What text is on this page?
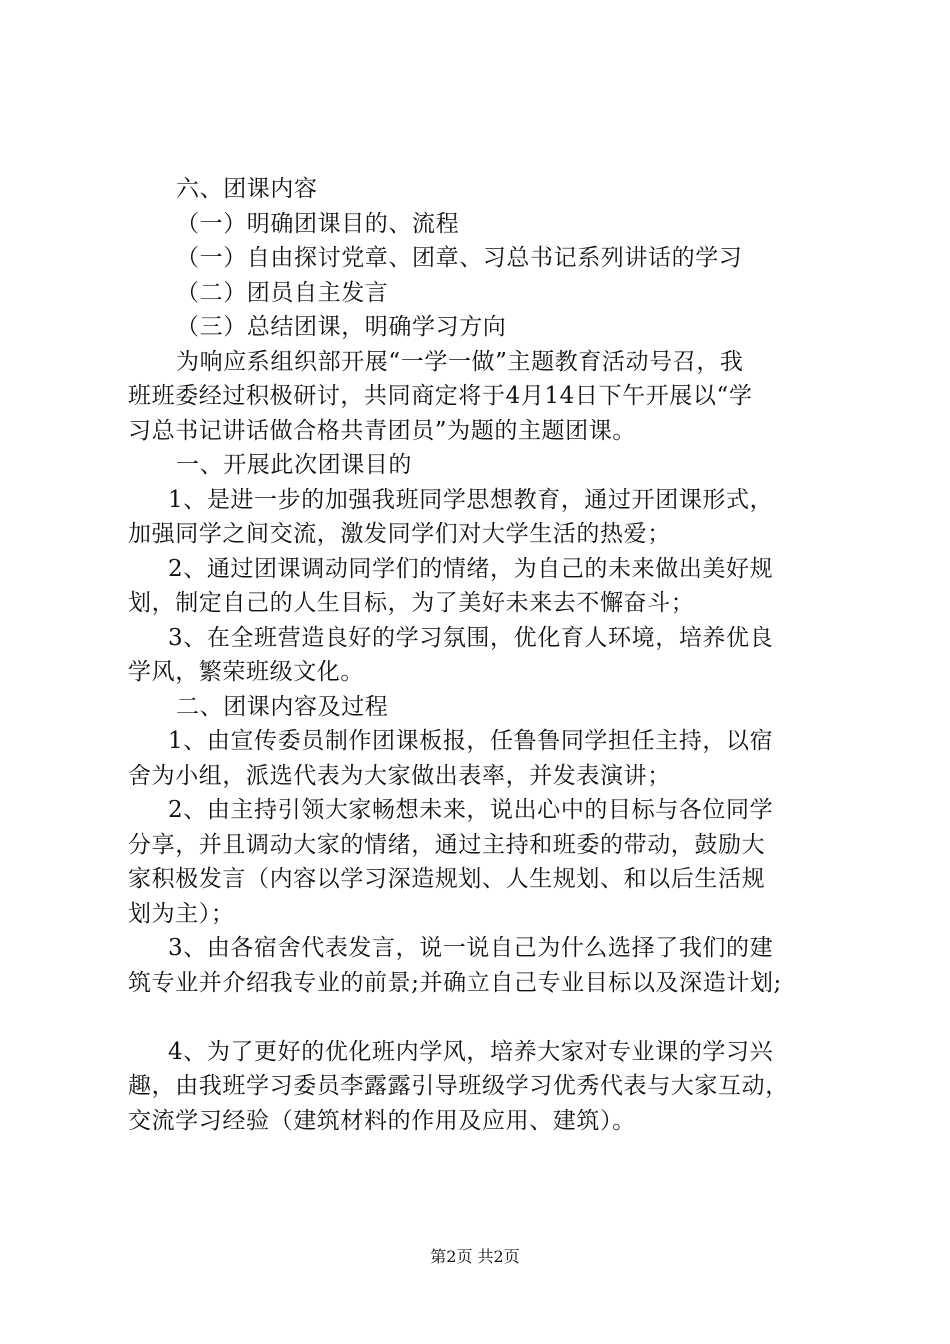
六、团课内容
（一）明确团课目的、流程
（一）自由探讨党章、团章、习总书记系列讲话的学习
（二）团员自主发言
（三）总结团课，明确学习方向
为响应系组织部开展“一学一做”主题教育活动号召，我
班班委经过积极研讨，共同商定将于4月14日下午开展以“学
习总书记讲话做合格共青团员”为题的主题团课。
一、开展此次团课目的
1、是进一步的加强我班同学思想教育，通过开团课形式，
加强同学之间交流，激发同学们对大学生活的热爱；
2、通过团课调动同学们的情绪，为自己的未来做出美好规
划，制定自己的人生目标，为了美好未来去不懈奋斗；
3、在全班营造良好的学习氛围，优化育人环境，培养优良
学风，繁荣班级文化。
二、团课内容及过程
1、由宣传委员制作团课板报，任鲁鲁同学担任主持，以宿
舍为小组，派选代表为大家做出表率，并发表演讲；
2、由主持引领大家畅想未来，说出心中的目标与各位同学
分享，并且调动大家的情绪，通过主持和班委的带动，鼓励大
家积极发言（内容以学习深造规划、人生规划、和以后生活规
划为主）；
3、由各宿舍代表发言，说一说自己为什么选择了我们的建
筑专业并介绍我专业的前景;并确立自己专业目标以及深造计划;
4、为了更好的优化班内学风，培养大家对专业课的学习兴
趣，由我班学习委员李露露引导班级学习优秀代表与大家互动，
交流学习经验（建筑材料的作用及应用、建筑）。
第2页 共2页
